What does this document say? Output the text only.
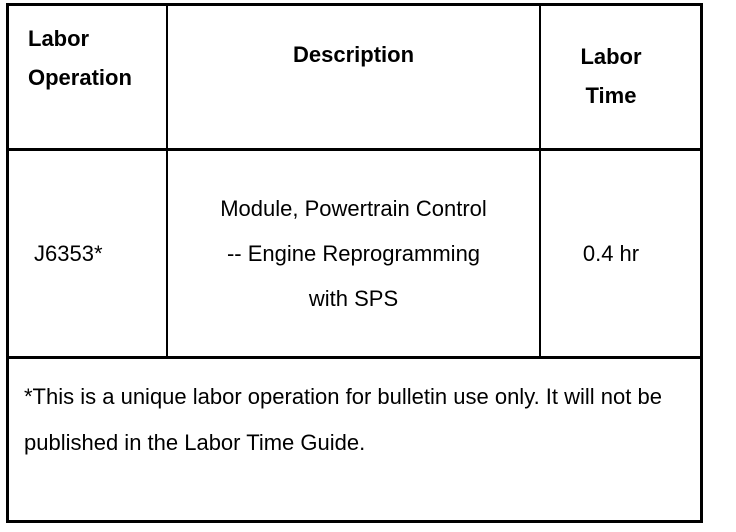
Labor Operation
Description	Labor Time
J6353*
Module, Powertrain Control -- Engine Reprogramming with SPS
0.4 hr
*This is a unique labor operation for bulletin use only. It will not be published in the Labor Time Guide.
